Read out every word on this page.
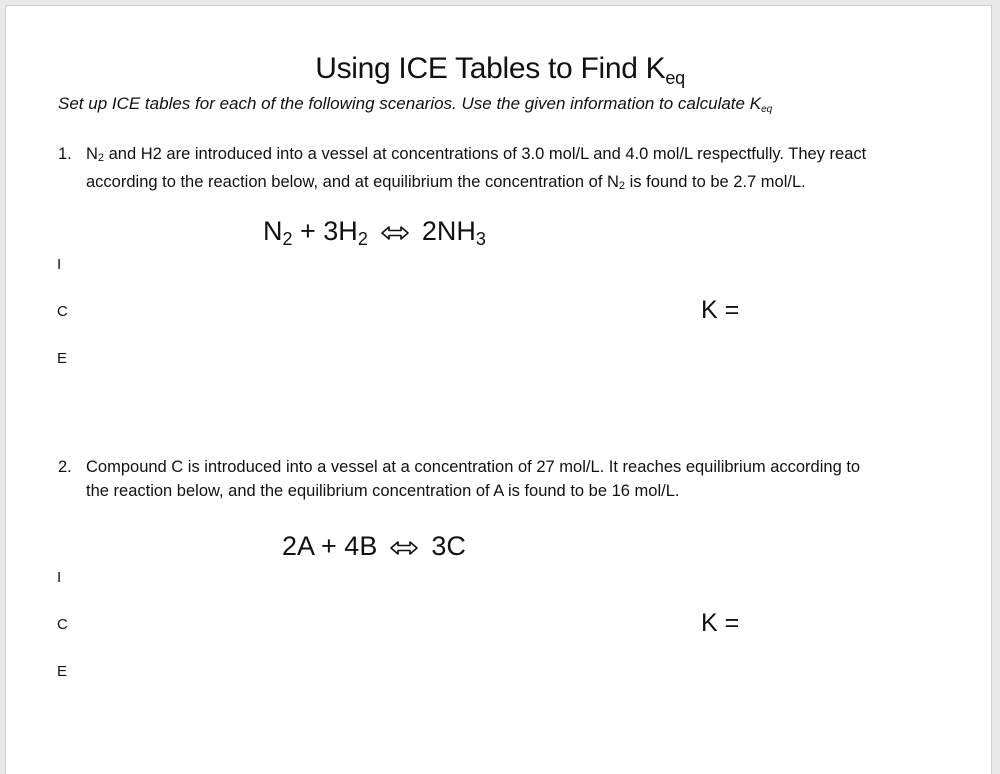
Using ICE Tables to Find $K_{eq}$
Set up ICE tables for each of the following scenarios. Use the given information to calculate $K_{eq}$
1. N2 and H2 are introduced into a vessel at concentrations of 3.0 mol/L and 4.0 mol/L respectfully. They react
according to the reaction below, and at equilibrium the concentration of N2 is found to be 2.7 mol/L.
$N_2 + 3H_2$ ⇌ $2NH_3$
I
C
E
K =
2. Compound C is introduced into a vessel at a concentration of 27 mol/L. It reaches equilibrium according to
the reaction below, and the equilibrium concentration of A is found to be 16 mol/L.
2A + 4B ⇌ 3C
I
C
E
K =
